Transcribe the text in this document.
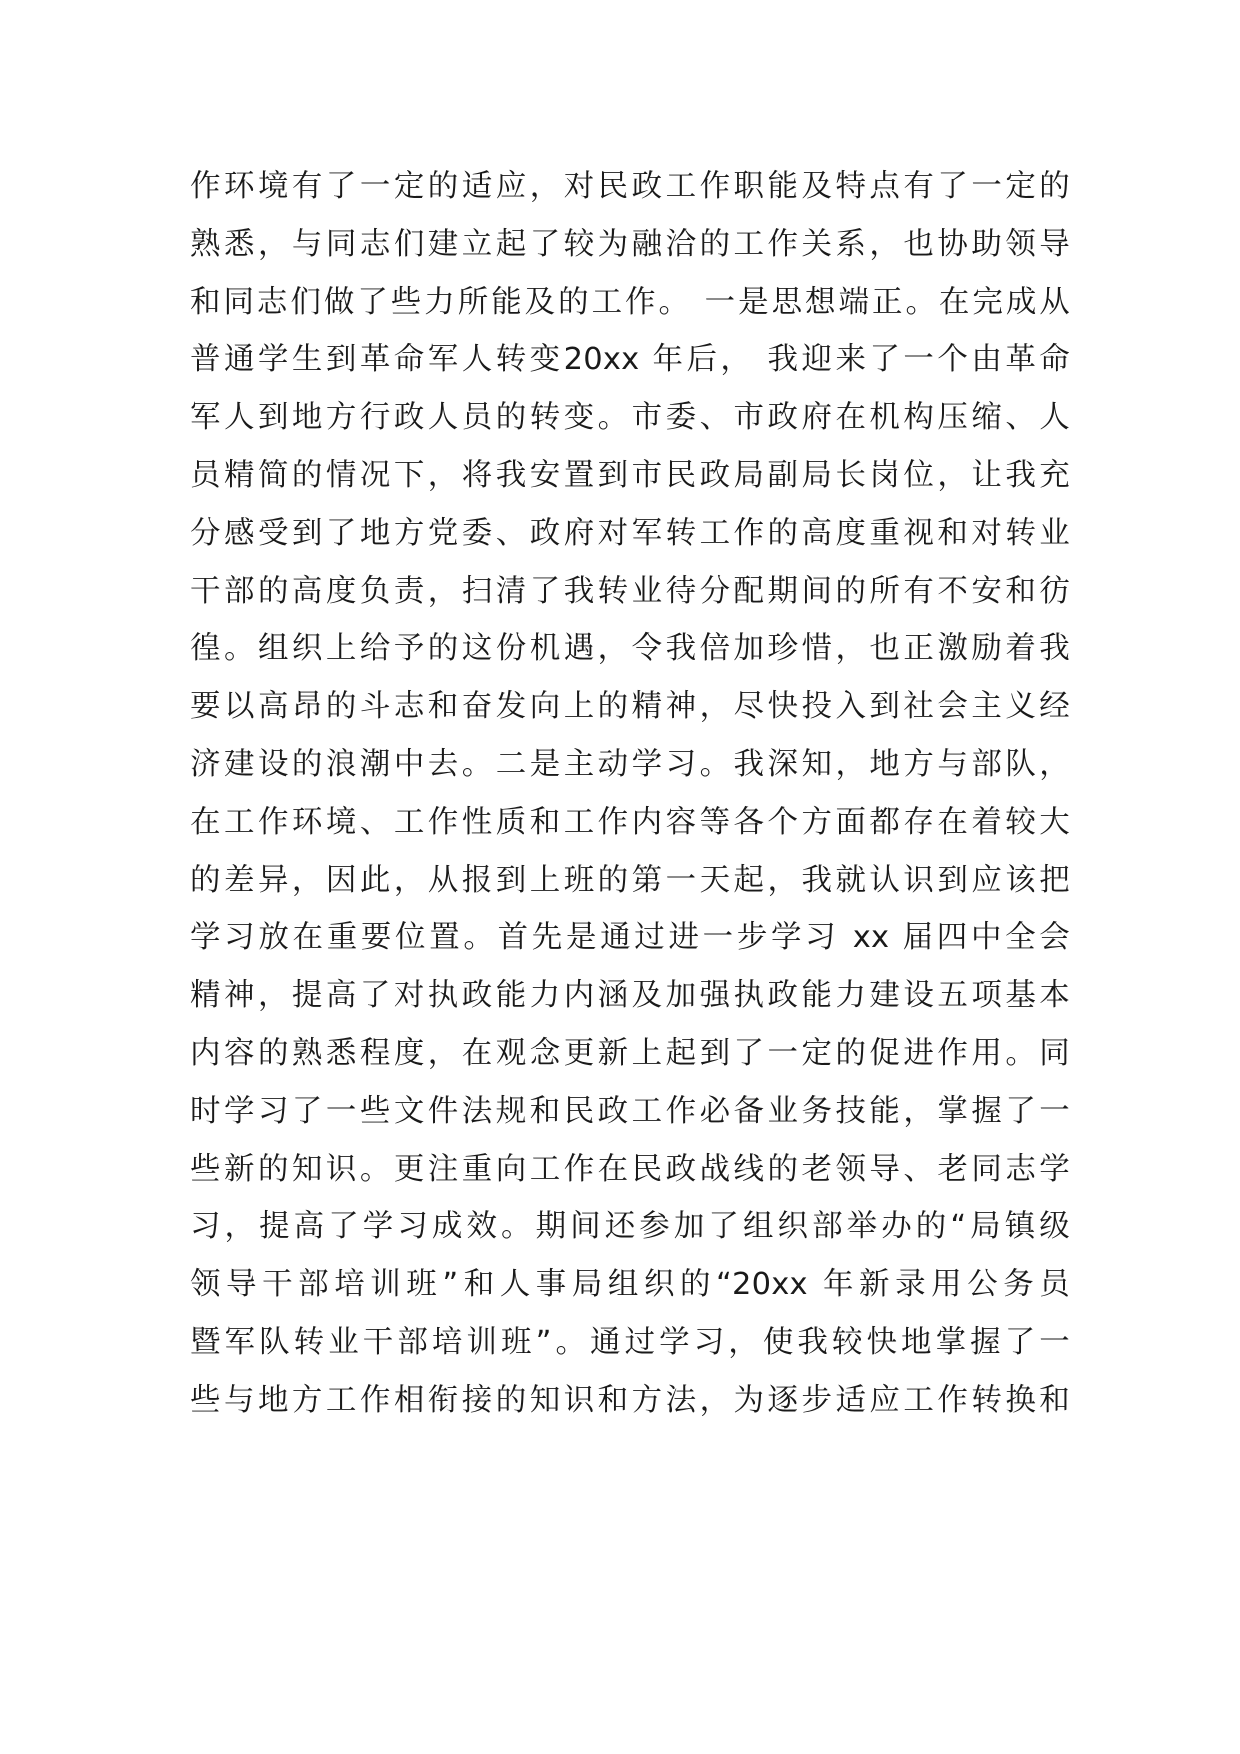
作环境有了一定的适应，对民政工作职能及特点有了一定的
熟悉，与同志们建立起了较为融洽的工作关系，也协助领导
和同志们做了些力所能及的工作。 一是思想端正。在完成从
普通学生到革命军人转变20xx 年后， 我迎来了一个由革命
军人到地方行政人员的转变。市委、市政府在机构压缩、人
员精简的情况下，将我安置到市民政局副局长岗位，让我充
分感受到了地方党委、政府对军转工作的高度重视和对转业
干部的高度负责，扫清了我转业待分配期间的所有不安和彷
徨。组织上给予的这份机遇，令我倍加珍惜，也正激励着我
要以高昂的斗志和奋发向上的精神，尽快投入到社会主义经
济建设的浪潮中去。二是主动学习。我深知，地方与部队，
在工作环境、工作性质和工作内容等各个方面都存在着较大
的差异，因此，从报到上班的第一天起，我就认识到应该把
学习放在重要位置。首先是通过进一步学习 xx 届四中全会
精神，提高了对执政能力内涵及加强执政能力建设五项基本
内容的熟悉程度，在观念更新上起到了一定的促进作用。同
时学习了一些文件法规和民政工作必备业务技能，掌握了一
些新的知识。更注重向工作在民政战线的老领导、老同志学
习，提高了学习成效。期间还参加了组织部举办的“局镇级
领导干部培训班”和人事局组织的“20xx 年新录用公务员
暨军队转业干部培训班”。通过学习，使我较快地掌握了一
些与地方工作相衔接的知识和方法，为逐步适应工作转换和
